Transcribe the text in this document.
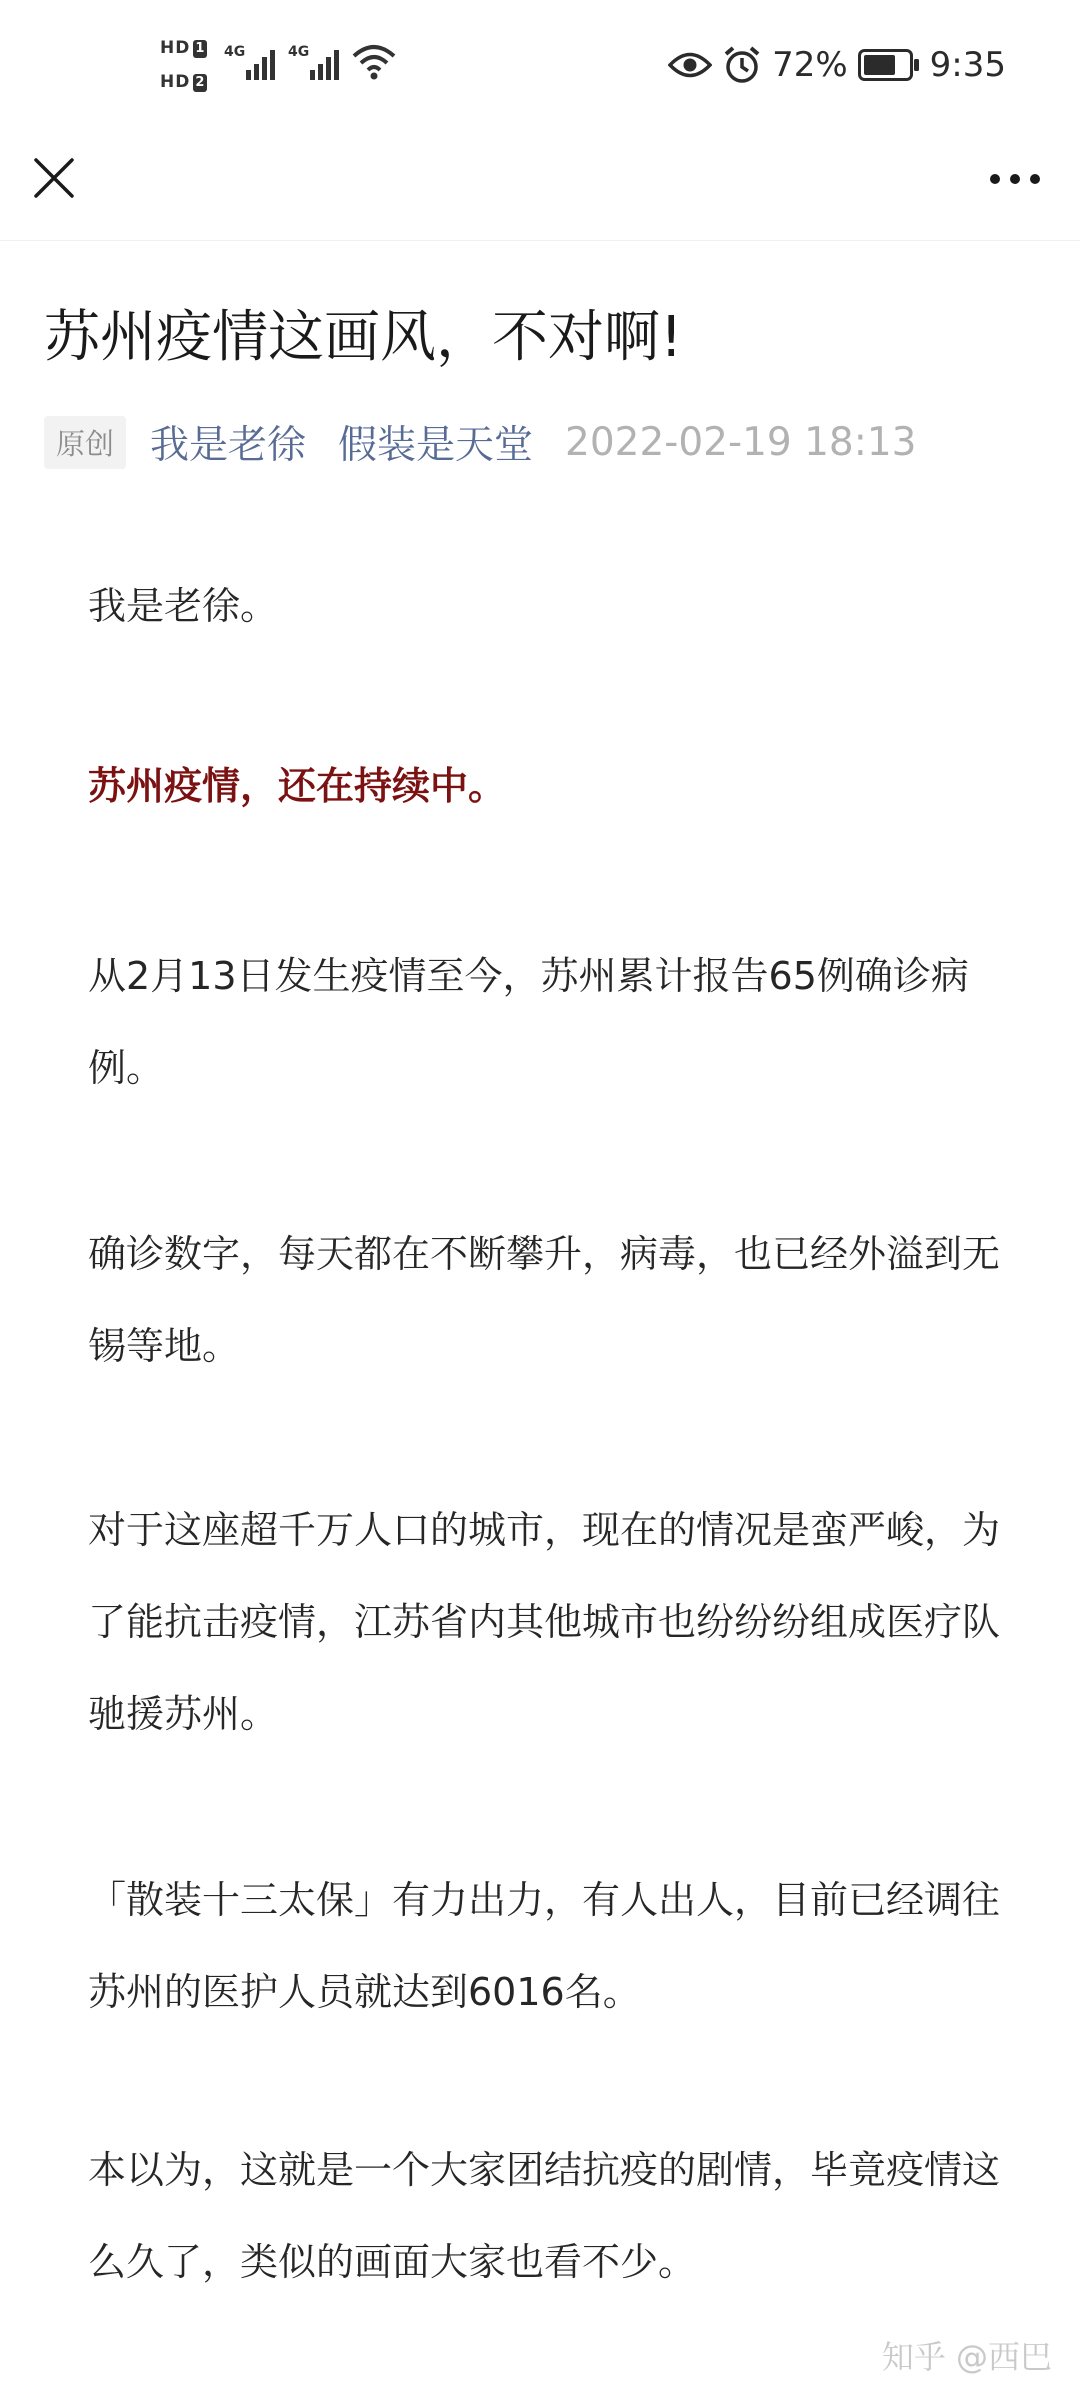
HD 1
HD 2
4G	4G	72% 9:35
苏州疫情这画风，不对啊!
原创 我是老徐 假装是天堂 2022-02-19 18:13

我是老徐。

苏州疫情，还在持续中。

从2月13日发生疫情至今，苏州累计报告65例确诊病例。

确诊数字，每天都在不断攀升，病毒，也已经外溢到无锡等地。

对于这座超千万人口的城市，现在的情况是蛮严峻，为了能抗击疫情，江苏省内其他城市也纷纷纷组成医疗队驰援苏州。

「散装十三太保」有力出力，有人出人，目前已经调往苏州的医护人员就达到6016名。

本以为，这就是一个大家团结抗疫的剧情，毕竟疫情这么久了，类似的画面大家也看不少。

知乎 @西巴
